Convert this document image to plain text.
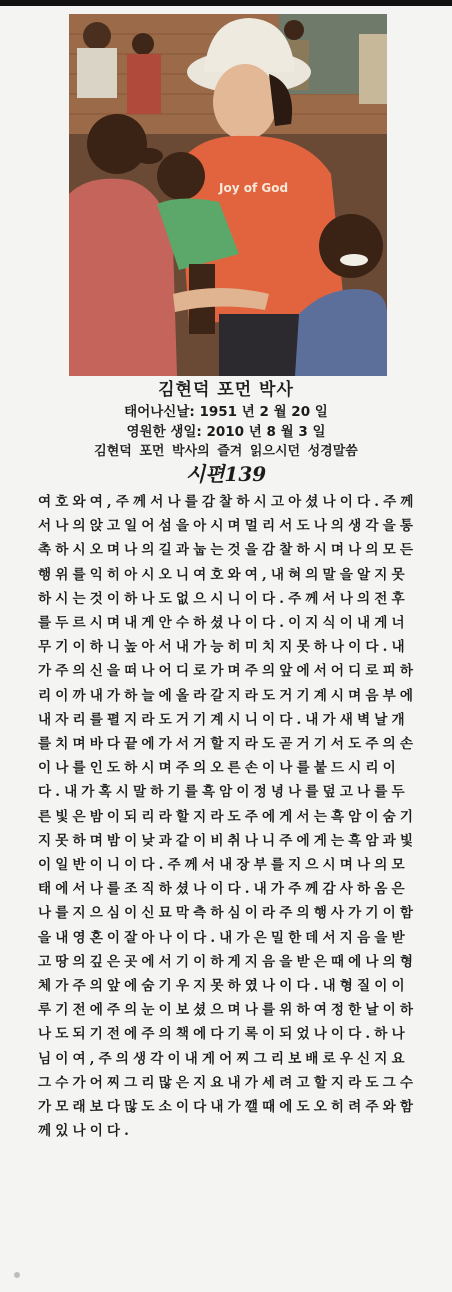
Joy of God
김현덕 포먼 박사
태어나신날: 1951 년 2 월 20 일
영원한 생일: 2010 년 8 월 3 일
김현덕 포먼 박사의 즐겨 읽으시던 성경말씀
시편139

여호와여,주께서나를감찰하시고아셨나이다.주께서나의앉고일어섬을아시며멀리서도나의생각을통촉하시오며나의길과눕는것을감찰하시며나의모든행위를익히아시오니여호와여,내혀의말을알지못하시는것이하나도없으시니이다.주께서나의전후를두르시며내게안수하셨나이다.이지식이내게너무기이하니높아서내가능히미치지못하나이다.내가주의신을떠나어디로가며주의앞에서어디로피하리이까내가하늘에올라갈지라도거기계시며음부에내자리를펼지라도거기계시니이다.내가새벽날개를치며바다끝에가서거할지라도곧거기서도주의손이나를인도하시며주의오른손이나를붙드시리이다.내가혹시말하기를흑암이정녕나를덮고나를두른빛은밤이되리라할지라도주에게서는흑암이숨기지못하며밤이낮과같이비취나니주에게는흑암과빛이일반이니이다.주께서내장부를지으시며나의모태에서나를조직하셨나이다.내가주께감사하옴은나를지으심이신묘막측하심이라주의행사가기이함을내영혼이잘아나이다.내가은밀한데서지음을받고땅의깊은곳에서기이하게지음을받은때에나의형체가주의앞에숨기우지못하였나이다.내형질이이루기전에주의눈이보셨으며나를위하여정한날이하나도되기전에주의책에다기록이되었나이다.하나님이여,주의생각이내게어찌그리보배로우신지요그수가어찌그리많은지요내가세려고할지라도그수가모래보다많도소이다내가깰때에도오히려주와함께있나이다.
